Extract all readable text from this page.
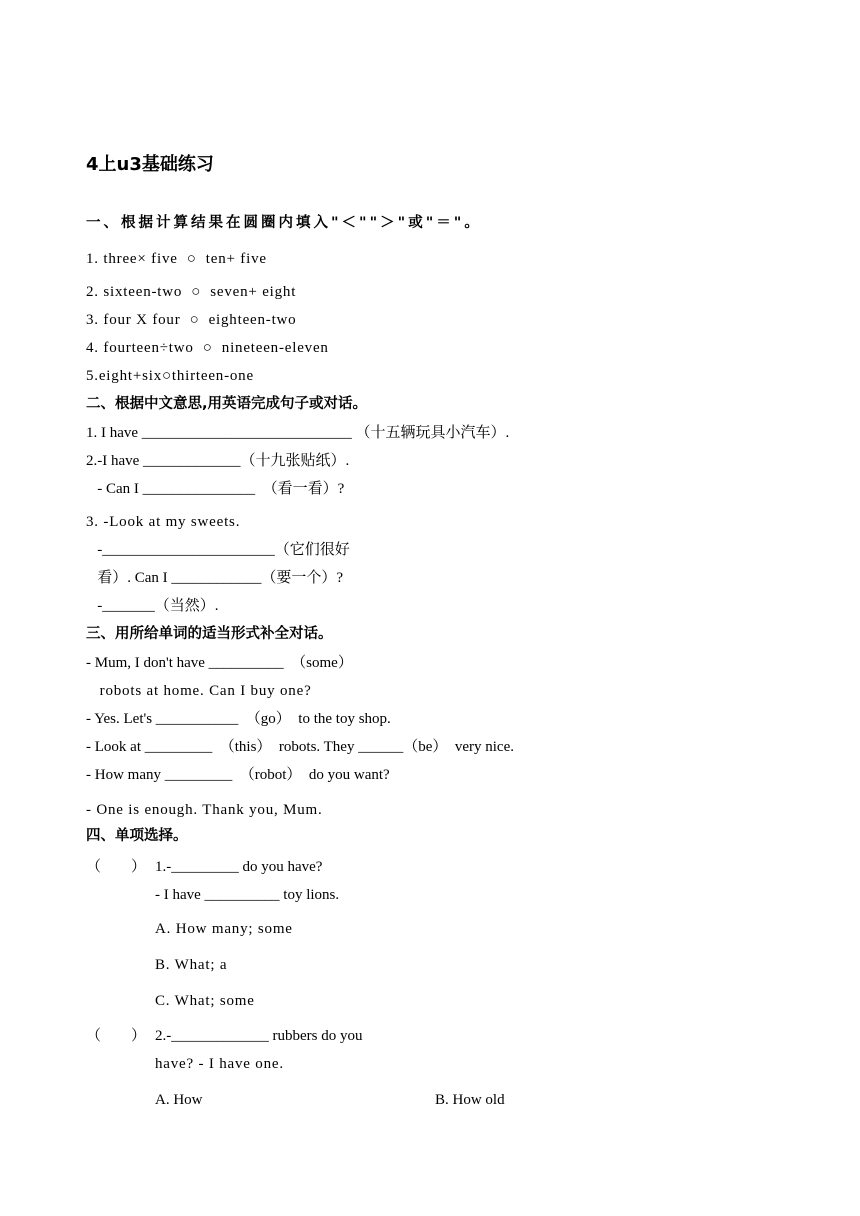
4上u3基础练习
一、根据计算结果在圆圈内填入"＜""＞"或"＝"。
1. three× five  ○  ten+ five
2. sixteen-two  ○  seven+ eight
3. four X four  ○  eighteen-two
4. fourteen÷two  ○  nineteen-eleven
5.eight+six○thirteen-one
二、根据中文意思,用英语完成句子或对话。
1. I have ____________________________ （十五辆玩具小汽车）.
2.-I have _____________（十九张贴纸）.
- Can I _______________  （看一看）?
3. -Look at my sweets.
-_______________________（它们很好
看）. Can I ____________（要一个）?
-_______（当然）.
三、用所给单词的适当形式补全对话。
- Mum, I don't have __________  （some）
robots at home. Can I buy one?
- Yes. Let's ___________  （go）  to the toy shop.
- Look at _________  （this）  robots. They ______（be）  very nice.
- How many _________  （robot）  do you want?
- One is enough. Thank you, Mum.
四、单项选择。
（        ） 1.-_________ do you have?
- I have __________ toy lions.
A. How many; some
B. What; a
C. What; some
（        ） 2.-_____________ rubbers do you
have? - I have one.
A. How	B. How old
